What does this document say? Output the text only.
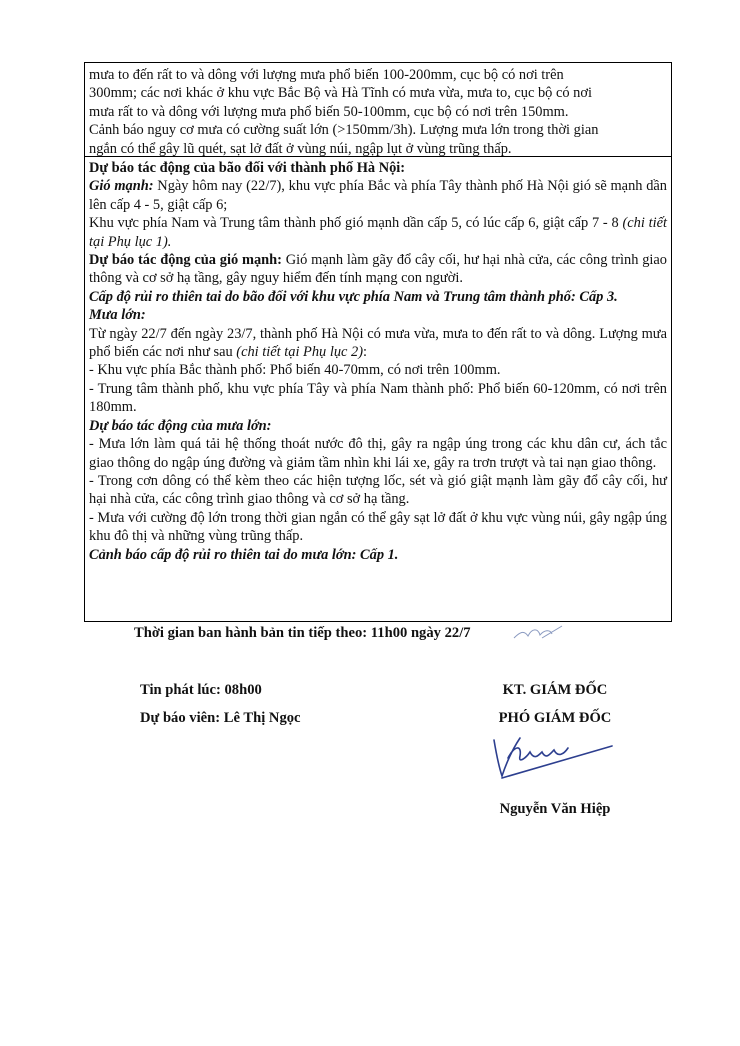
mưa to đến rất to và dông với lượng mưa phổ biến 100-200mm, cục bộ có nơi trên

300mm; các nơi khác ở khu vực Bắc Bộ và Hà Tĩnh có mưa vừa, mưa to, cục bộ có nơi

mưa rất to và dông với lượng mưa phổ biến 50-100mm, cục bộ có nơi trên 150mm.

Cảnh báo nguy cơ mưa có cường suất lớn (>150mm/3h). Lượng mưa lớn trong thời gian

ngắn có thể gây lũ quét, sạt lở đất ở vùng núi, ngập lụt ở vùng trũng thấp.

Dự báo tác động của bão đối với thành phố Hà Nội:

Gió mạnh: Ngày hôm nay (22/7), khu vực phía Bắc và phía Tây thành phố Hà Nội gió sẽ mạnh dần lên cấp 4 - 5, giật cấp 6;

Khu vực phía Nam và Trung tâm thành phố gió mạnh dần cấp 5, có lúc cấp 6, giật cấp 7 - 8 (chi tiết tại Phụ lục 1).

Dự báo tác động của gió mạnh: Gió mạnh làm gãy đổ cây cối, hư hại nhà cửa, các công trình giao thông và cơ sở hạ tầng, gây nguy hiểm đến tính mạng con người.

Cấp độ rủi ro thiên tai do bão đối với khu vực phía Nam và Trung tâm thành phố: Cấp 3.

Mưa lớn:

Từ ngày 22/7 đến ngày 23/7, thành phố Hà Nội có mưa vừa, mưa to đến rất to và dông. Lượng mưa phổ biến các nơi như sau (chi tiết tại Phụ lục 2):

- Khu vực phía Bắc thành phố: Phổ biến 40-70mm, có nơi trên 100mm.

- Trung tâm thành phố, khu vực phía Tây và phía Nam thành phố: Phổ biến 60-120mm, có nơi trên 180mm.

Dự báo tác động của mưa lớn:

- Mưa lớn làm quá tải hệ thống thoát nước đô thị, gây ra ngập úng trong các khu dân cư, ách tắc giao thông do ngập úng đường và giảm tầm nhìn khi lái xe, gây ra trơn trượt và tai nạn giao thông.

- Trong cơn dông có thể kèm theo các hiện tượng lốc, sét và gió giật mạnh làm gãy đổ cây cối, hư hại nhà cửa, các công trình giao thông và cơ sở hạ tầng.

- Mưa với cường độ lớn trong thời gian ngắn có thể gây sạt lở đất ở khu vực vùng núi, gây ngập úng khu đô thị và những vùng trũng thấp.

Cảnh báo cấp độ rủi ro thiên tai do mưa lớn: Cấp 1.

Thời gian ban hành bản tin tiếp theo: 11h00 ngày 22/7
Tin phát lúc: 08h00
Dự báo viên: Lê Thị Ngọc
KT. GIÁM ĐỐC
PHÓ GIÁM ĐỐC
Nguyễn Văn Hiệp
